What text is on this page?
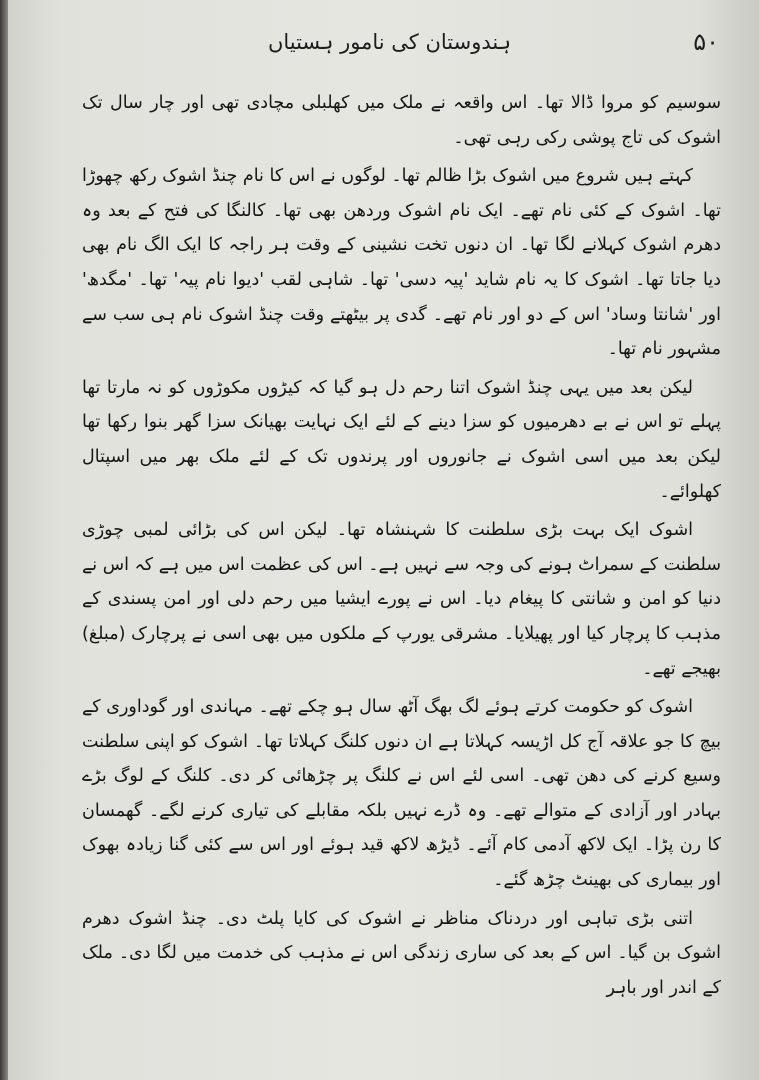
۵۰
ہندوستان کی نامور ہستیاں

سوسیم کو مروا ڈالا تھا۔ اس واقعہ نے ملک میں کھلبلی مچادی تھی اور چار سال تک اشوک کی تاج پوشی رکی رہی تھی۔

کہتے ہیں شروع میں اشوک بڑا ظالم تھا۔ لوگوں نے اس کا نام چنڈ اشوک رکھ چھوڑا تھا۔ اشوک کے کئی نام تھے۔ ایک نام اشوک وردھن بھی تھا۔ کالنگا کی فتح کے بعد وہ دھرم اشوک کہلانے لگا تھا۔ ان دنوں تخت نشینی کے وقت ہر راجہ کا ایک الگ نام بھی دیا جاتا تھا۔ اشوک کا یہ نام شاید 'پیہ دسی' تھا۔ شاہی لقب 'دیوا نام پیہ' تھا۔ 'مگدھ' اور 'شانتا وساد' اس کے دو اور نام تھے۔ گدی پر بیٹھتے وقت چنڈ اشوک نام ہی سب سے مشہور نام تھا۔

لیکن بعد میں یہی چنڈ اشوک اتنا رحم دل ہو گیا کہ کیڑوں مکوڑوں کو نہ مارتا تھا پہلے تو اس نے بے دھرمیوں کو سزا دینے کے لئے ایک نہایت بھیانک سزا گھر بنوا رکھا تھا لیکن بعد میں اسی اشوک نے جانوروں اور پرندوں تک کے لئے ملک بھر میں اسپتال کھلوائے۔

اشوک ایک بہت بڑی سلطنت کا شہنشاہ تھا۔ لیکن اس کی بڑائی لمبی چوڑی سلطنت کے سمراٹ ہونے کی وجہ سے نہیں ہے۔ اس کی عظمت اس میں ہے کہ اس نے دنیا کو امن و شانتی کا پیغام دیا۔ اس نے پورے ایشیا میں رحم دلی اور امن پسندی کے مذہب کا پرچار کیا اور پھیلایا۔ مشرقی یورپ کے ملکوں میں بھی اسی نے پرچارک (مبلغ) بھیجے تھے۔

اشوک کو حکومت کرتے ہوئے لگ بھگ آٹھ سال ہو چکے تھے۔ مہاندی اور گوداوری کے بیچ کا جو علاقہ آج کل اڑیسہ کہلاتا ہے ان دنوں کلنگ کہلاتا تھا۔ اشوک کو اپنی سلطنت وسیع کرنے کی دھن تھی۔ اسی لئے اس نے کلنگ پر چڑھائی کر دی۔ کلنگ کے لوگ بڑے بہادر اور آزادی کے متوالے تھے۔ وہ ڈرے نہیں بلکہ مقابلے کی تیاری کرنے لگے۔ گھمسان کا رن پڑا۔ ایک لاکھ آدمی کام آئے۔ ڈیڑھ لاکھ قید ہوئے اور اس سے کئی گنا زیادہ بھوک اور بیماری کی بھینٹ چڑھ گئے۔

اتنی بڑی تباہی اور دردناک مناظر نے اشوک کی کایا پلٹ دی۔ چنڈ اشوک دھرم اشوک بن گیا۔ اس کے بعد کی ساری زندگی اس نے مذہب کی خدمت میں لگا دی۔ ملک کے اندر اور باہر
